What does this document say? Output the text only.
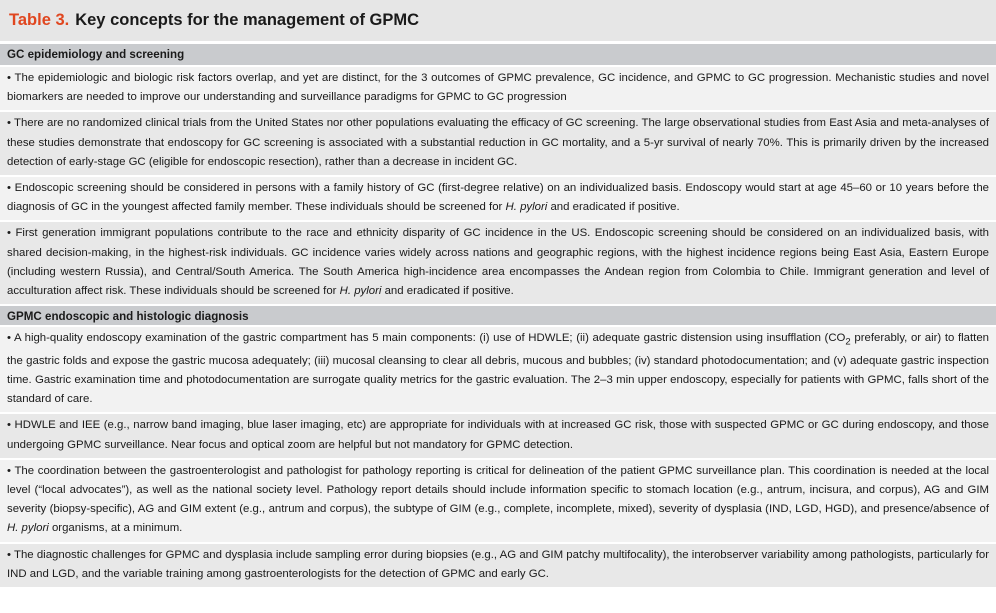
Table 3. Key concepts for the management of GPMC
GC epidemiology and screening
• The epidemiologic and biologic risk factors overlap, and yet are distinct, for the 3 outcomes of GPMC prevalence, GC incidence, and GPMC to GC progression. Mechanistic studies and novel biomarkers are needed to improve our understanding and surveillance paradigms for GPMC to GC progression
• There are no randomized clinical trials from the United States nor other populations evaluating the efficacy of GC screening. The large observational studies from East Asia and meta-analyses of these studies demonstrate that endoscopy for GC screening is associated with a substantial reduction in GC mortality, and a 5-yr survival of nearly 70%. This is primarily driven by the increased detection of early-stage GC (eligible for endoscopic resection), rather than a decrease in incident GC.
• Endoscopic screening should be considered in persons with a family history of GC (first-degree relative) on an individualized basis. Endoscopy would start at age 45–60 or 10 years before the diagnosis of GC in the youngest affected family member. These individuals should be screened for H. pylori and eradicated if positive.
• First generation immigrant populations contribute to the race and ethnicity disparity of GC incidence in the US. Endoscopic screening should be considered on an individualized basis, with shared decision-making, in the highest-risk individuals. GC incidence varies widely across nations and geographic regions, with the highest incidence regions being East Asia, Eastern Europe (including western Russia), and Central/South America. The South America high-incidence area encompasses the Andean region from Colombia to Chile. Immigrant generation and level of acculturation affect risk. These individuals should be screened for H. pylori and eradicated if positive.
GPMC endoscopic and histologic diagnosis
• A high-quality endoscopy examination of the gastric compartment has 5 main components: (i) use of HDWLE; (ii) adequate gastric distension using insufflation ($CO_2$ preferably, or air) to flatten the gastric folds and expose the gastric mucosa adequately; (iii) mucosal cleansing to clear all debris, mucous and bubbles; (iv) standard photodocumentation; and (v) adequate gastric inspection time. Gastric examination time and photodocumentation are surrogate quality metrics for the gastric evaluation. The 2–3 min upper endoscopy, especially for patients with GPMC, falls short of the standard of care.
• HDWLE and IEE (e.g., narrow band imaging, blue laser imaging, etc) are appropriate for individuals with at increased GC risk, those with suspected GPMC or GC during endoscopy, and those undergoing GPMC surveillance. Near focus and optical zoom are helpful but not mandatory for GPMC detection.
• The coordination between the gastroenterologist and pathologist for pathology reporting is critical for delineation of the patient GPMC surveillance plan. This coordination is needed at the local level (“local advocates”), as well as the national society level. Pathology report details should include information specific to stomach location (e.g., antrum, incisura, and corpus), AG and GIM severity (biopsy-specific), AG and GIM extent (e.g., antrum and corpus), the subtype of GIM (e.g., complete, incomplete, mixed), severity of dysplasia (IND, LGD, HGD), and presence/absence of H. pylori organisms, at a minimum.
• The diagnostic challenges for GPMC and dysplasia include sampling error during biopsies (e.g., AG and GIM patchy multifocality), the interobserver variability among pathologists, particularly for IND and LGD, and the variable training among gastroenterologists for the detection of GPMC and early GC.
